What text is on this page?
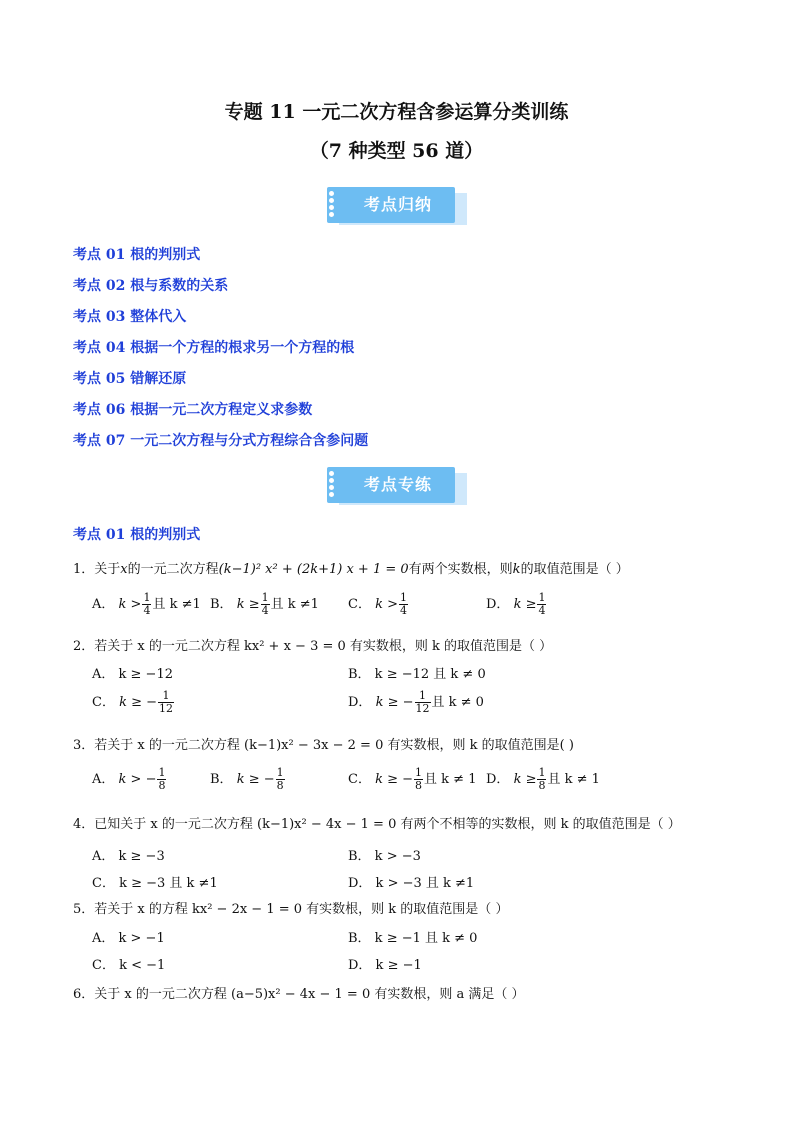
专题 11 一元二次方程含参运算分类训练
（7 种类型 56 道）
考点归纳
考点 01 根的判别式
考点 02 根与系数的关系
考点 03 整体代入
考点 04 根据一个方程的根求另一个方程的根
考点 05 错解还原
考点 06 根据一元二次方程定义求参数
考点 07 一元二次方程与分式方程综合含参问题
考点专练
考点 01 根的判别式
1．关于x的一元二次方程(k−1)² x² + (2k+1) x + 1 = 0有两个实数根，则k的取值范围是（ ）
A． $k > \frac{1}{4}$ 且 k ≠1 B． $k \ge \frac{1}{4}$ 且 k ≠1 C． $k > \frac{1}{4}$	D． $k \ge \frac{1}{4}$
2．若关于 x 的一元二次方程 kx² + x − 3 = 0 有实数根，则 k 的取值范围是（ ）
A． k ≥ −12	B． k ≥ −12 且 k ≠ 0
C． k ≥ − $\frac{1}{12}$	D． k ≥ − $\frac{1}{12}$ 且 k ≠ 0
3．若关于 x 的一元二次方程 (k−1)x² − 3x − 2 = 0 有实数根，则 k 的取值范围是( )
A． k > − $\frac{1}{8}$	B． k ≥ − $\frac{1}{8}$	C． k ≥ − $\frac{1}{8}$ 且 k ≠ 1 D． $k \ge \frac{1}{8}$ 且 k ≠ 1
4．已知关于 x 的一元二次方程 (k−1)x² − 4x − 1 = 0 有两个不相等的实数根，则 k 的取值范围是（ ）
A． k ≥ −3	B． k > −3
C． k ≥ −3 且 k ≠1	D． k > −3 且 k ≠1
5．若关于 x 的方程 kx² − 2x − 1 = 0 有实数根，则 k 的取值范围是（ ）
A． k > −1	B． k ≥ −1 且 k ≠ 0
C． k < −1	D． k ≥ −1
6．关于 x 的一元二次方程 (a−5)x² − 4x − 1 = 0 有实数根，则 a 满足（ ）
